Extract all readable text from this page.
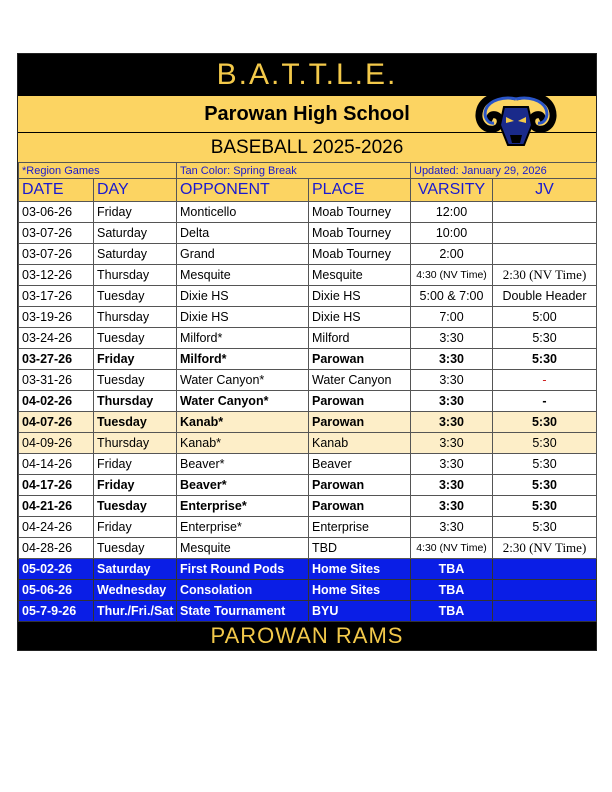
B.A.T.T.L.E.
Parowan High School
BASEBALL 2025-2026
*Region Games		Tan Color: Spring Break		Updated: January 29, 2026	
DATE	DAY	OPPONENT	PLACE	VARSITY	JV
03-06-26	Friday	Monticello	Moab Tourney	12:00	
03-07-26	Saturday	Delta	Moab Tourney	10:00	
03-07-26	Saturday	Grand	Moab Tourney	2:00	
03-12-26	Thursday	Mesquite	Mesquite	4:30 (NV Time)	2:30 (NV Time)
03-17-26	Tuesday	Dixie HS	Dixie HS	5:00 & 7:00	Double Header
03-19-26	Thursday	Dixie HS	Dixie HS	7:00	5:00
03-24-26	Tuesday	Milford*	Milford	3:30	5:30
03-27-26	Friday	Milford*	Parowan	3:30	5:30
03-31-26	Tuesday	Water Canyon*	Water Canyon	3:30	-
04-02-26	Thursday	Water Canyon*	Parowan	3:30	-
04-07-26	Tuesday	Kanab*	Parowan	3:30	5:30
04-09-26	Thursday	Kanab*	Kanab	3:30	5:30
04-14-26	Friday	Beaver*	Beaver	3:30	5:30
04-17-26	Friday	Beaver*	Parowan	3:30	5:30
04-21-26	Tuesday	Enterprise*	Parowan	3:30	5:30
04-24-26	Friday	Enterprise*	Enterprise	3:30	5:30
04-28-26	Tuesday	Mesquite	TBD	4:30 (NV Time)	2:30 (NV Time)
05-02-26	Saturday	First Round Pods	Home Sites	TBA	
05-06-26	Wednesday	Consolation	Home Sites	TBA	
05-7-9-26	Thur./Fri./Sat	State Tournament	BYU	TBA	
PAROWAN RAMS
